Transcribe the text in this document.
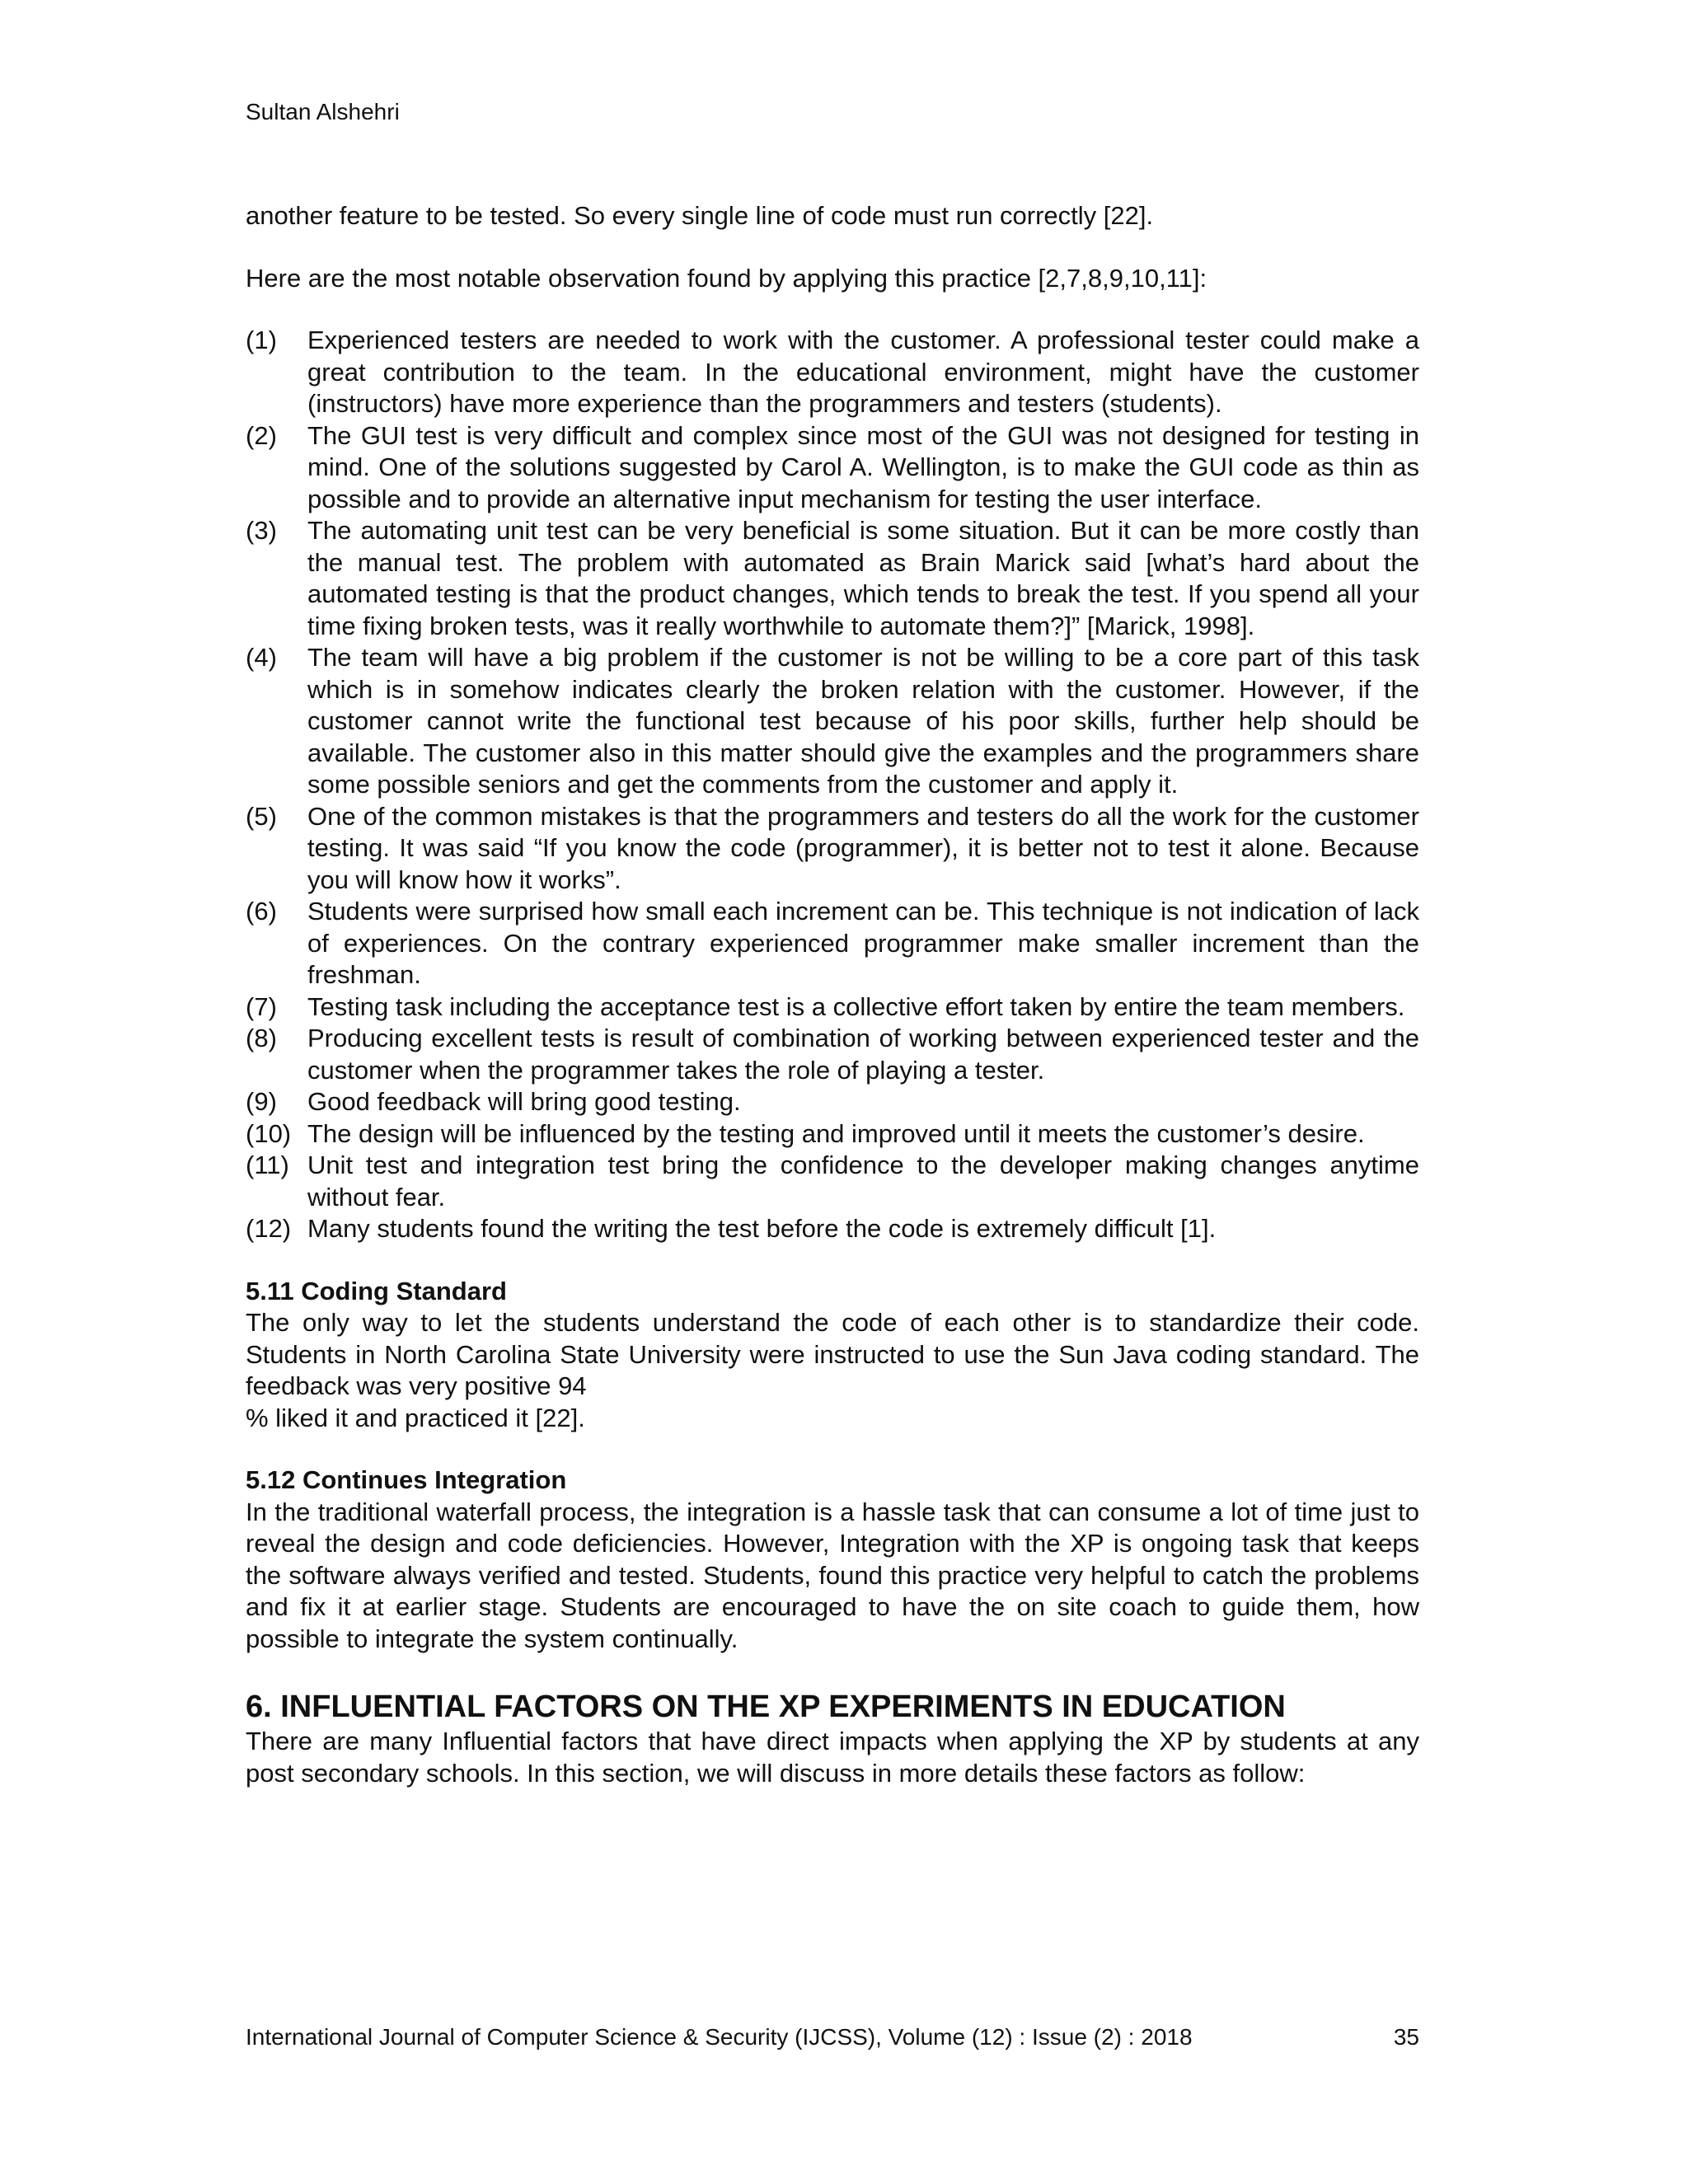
Sultan Alshehri

another feature to be tested. So every single line of code must run correctly [22].

Here are the most notable observation found by applying this practice [2,7,8,9,10,11]:

(1) Experienced testers are needed to work with the customer. A professional tester could make a great contribution to the team. In the educational environment, might have the customer (instructors) have more experience than the programmers and testers (students).
(2) The GUI test is very difficult and complex since most of the GUI was not designed for testing in mind. One of the solutions suggested by Carol A. Wellington, is to make the GUI code as thin as possible and to provide an alternative input mechanism for testing the user interface.
(3) The automating unit test can be very beneficial is some situation. But it can be more costly than the manual test. The problem with automated as Brain Marick said [what’s hard about the automated testing is that the product changes, which tends to break the test. If you spend all your time fixing broken tests, was it really worthwhile to automate them?]” [Marick, 1998].
(4) The team will have a big problem if the customer is not be willing to be a core part of this task which is in somehow indicates clearly the broken relation with the customer. However, if the customer cannot write the functional test because of his poor skills, further help should be available. The customer also in this matter should give the examples and the programmers share some possible seniors and get the comments from the customer and apply it.
(5) One of the common mistakes is that the programmers and testers do all the work for the customer testing. It was said “If you know the code (programmer), it is better not to test it alone. Because you will know how it works”.
(6) Students were surprised how small each increment can be. This technique is not indication of lack of experiences. On the contrary experienced programmer make smaller increment than the freshman.
(7) Testing task including the acceptance test is a collective effort taken by entire the team members.
(8) Producing excellent tests is result of combination of working between experienced tester and the customer when the programmer takes the role of playing a tester.
(9) Good feedback will bring good testing.
(10) The design will be influenced by the testing and improved until it meets the customer’s desire.
(11) Unit test and integration test bring the confidence to the developer making changes anytime without fear.
(12) Many students found the writing the test before the code is extremely difficult [1].
5.11 Coding Standard

The only way to let the students understand the code of each other is to standardize their code. Students in North Carolina State University were instructed to use the Sun Java coding standard. The feedback was very positive 94

% liked it and practiced it [22].

5.12 Continues Integration

In the traditional waterfall process, the integration is a hassle task that can consume a lot of time just to reveal the design and code deficiencies. However, Integration with the XP is ongoing task that keeps the software always verified and tested. Students, found this practice very helpful to catch the problems and fix it at earlier stage. Students are encouraged to have the on site coach to guide them, how possible to integrate the system continually.

6. INFLUENTIAL FACTORS ON THE XP EXPERIMENTS IN EDUCATION

There are many Influential factors that have direct impacts when applying the XP by students at any post secondary schools. In this section, we will discuss in more details these factors as follow:

International Journal of Computer Science & Security (IJCSS), Volume (12) : Issue (2) : 2018	35
